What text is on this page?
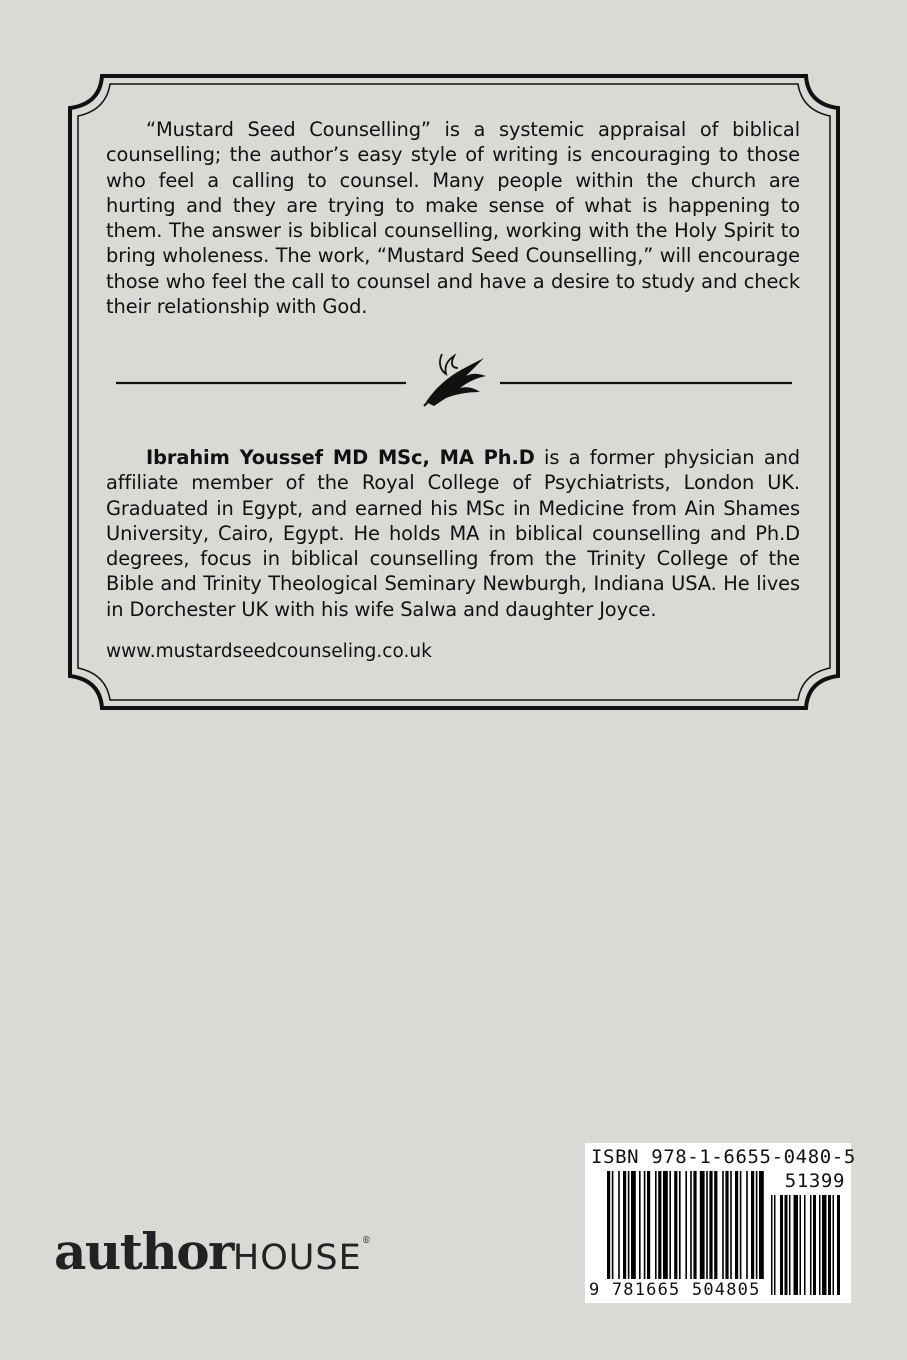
“Mustard Seed Counselling” is a systemic appraisal of biblical counselling; the author’s easy style of writing is encouraging to those who feel a calling to counsel. Many people within the church are hurting and they are trying to make sense of what is happening to them. The answer is biblical counselling, working with the Holy Spirit to bring wholeness. The work, “Mustard Seed Counselling,” will encourage those who feel the call to counsel and have a desire to study and check their relationship with God.

Ibrahim Youssef MD MSc, MA Ph.D is a former physician and affiliate member of the Royal College of Psychiatrists, London UK. Graduated in Egypt, and earned his MSc in Medicine from Ain Shames University, Cairo, Egypt. He holds MA in biblical counselling and Ph.D degrees, focus in biblical counselling from the Trinity College of the Bible and Trinity Theological Seminary Newburgh, Indiana USA. He lives in Dorchester UK with his wife Salwa and daughter Joyce.

www.mustardseedcounseling.co.uk

authorHOUSE®
ISBN 978-1-6655-0480-5
51399
9 781665 504805
